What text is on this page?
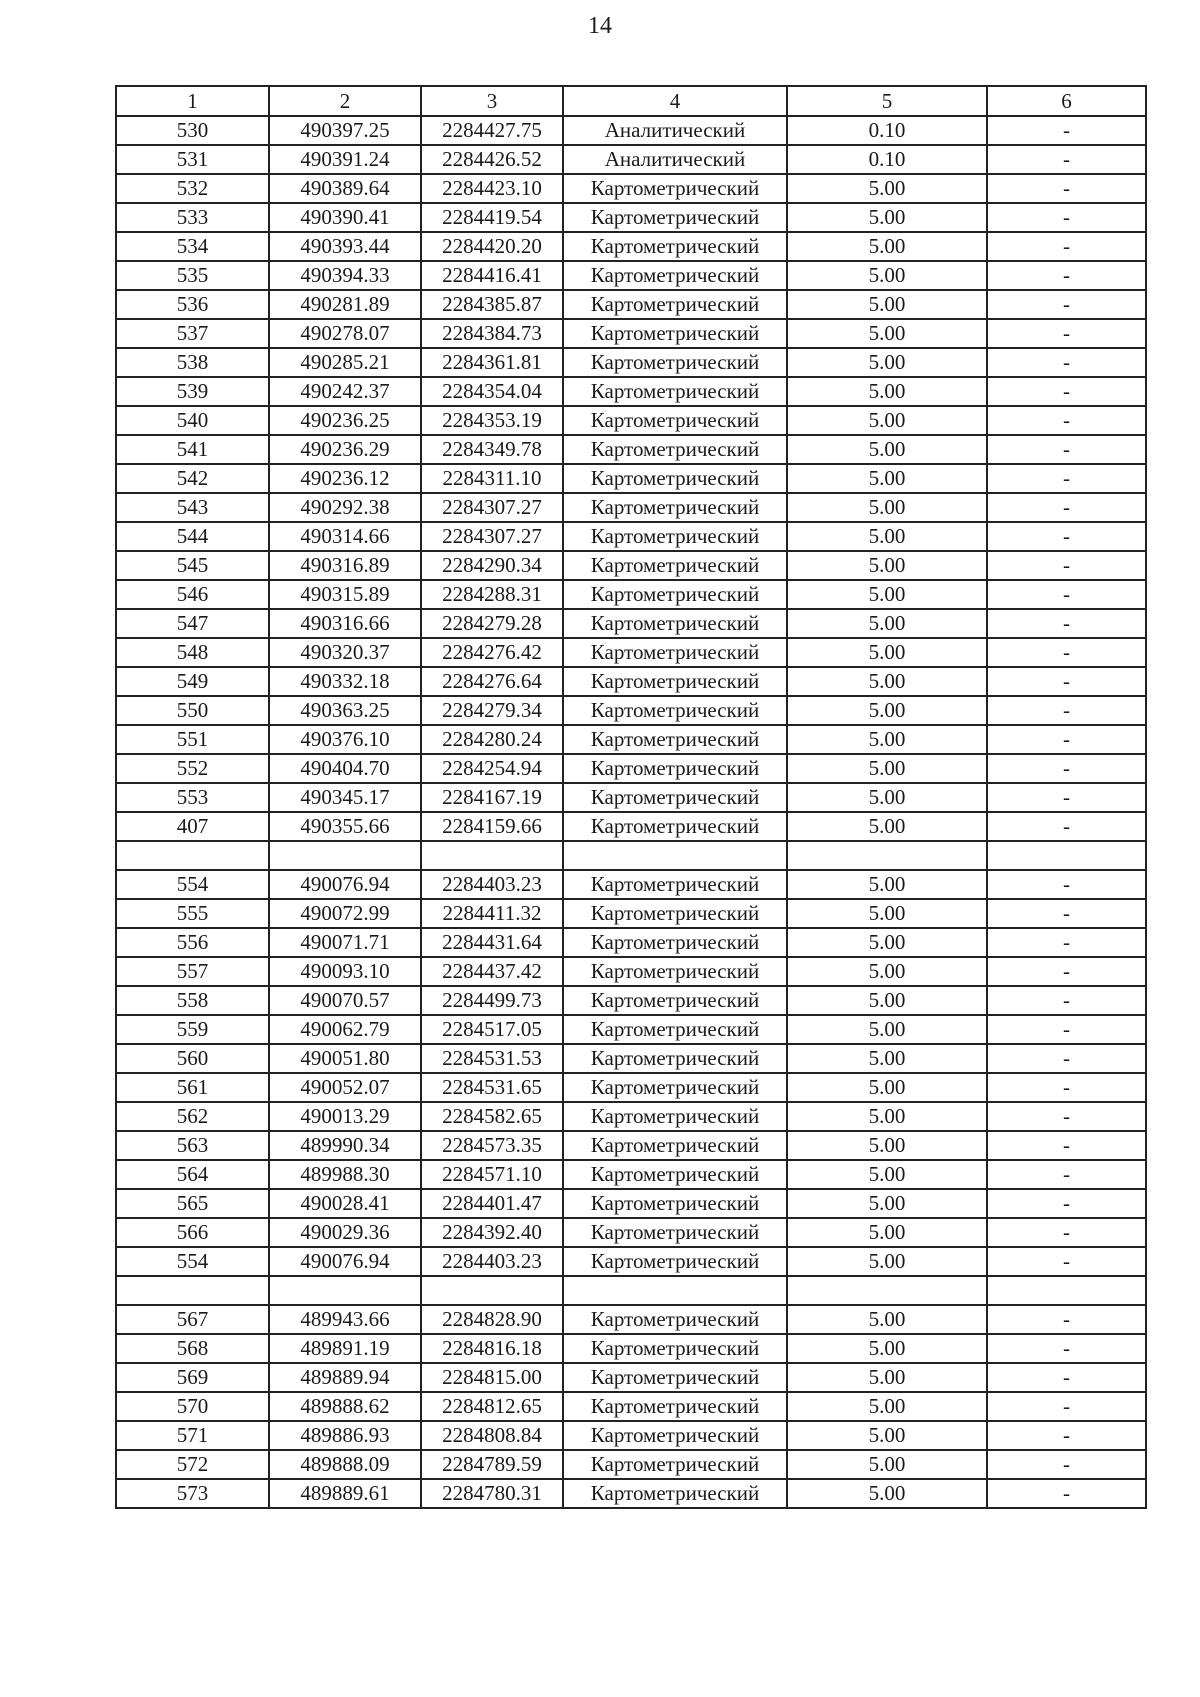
14
1	2	3	4	5	6
530	490397.25	2284427.75	Аналитический	0.10	-
531	490391.24	2284426.52	Аналитический	0.10	-
532	490389.64	2284423.10	Картометрический	5.00	-
533	490390.41	2284419.54	Картометрический	5.00	-
534	490393.44	2284420.20	Картометрический	5.00	-
535	490394.33	2284416.41	Картометрический	5.00	-
536	490281.89	2284385.87	Картометрический	5.00	-
537	490278.07	2284384.73	Картометрический	5.00	-
538	490285.21	2284361.81	Картометрический	5.00	-
539	490242.37	2284354.04	Картометрический	5.00	-
540	490236.25	2284353.19	Картометрический	5.00	-
541	490236.29	2284349.78	Картометрический	5.00	-
542	490236.12	2284311.10	Картометрический	5.00	-
543	490292.38	2284307.27	Картометрический	5.00	-
544	490314.66	2284307.27	Картометрический	5.00	-
545	490316.89	2284290.34	Картометрический	5.00	-
546	490315.89	2284288.31	Картометрический	5.00	-
547	490316.66	2284279.28	Картометрический	5.00	-
548	490320.37	2284276.42	Картометрический	5.00	-
549	490332.18	2284276.64	Картометрический	5.00	-
550	490363.25	2284279.34	Картометрический	5.00	-
551	490376.10	2284280.24	Картометрический	5.00	-
552	490404.70	2284254.94	Картометрический	5.00	-
553	490345.17	2284167.19	Картометрический	5.00	-
407	490355.66	2284159.66	Картометрический	5.00	-

554	490076.94	2284403.23	Картометрический	5.00	-
555	490072.99	2284411.32	Картометрический	5.00	-
556	490071.71	2284431.64	Картометрический	5.00	-
557	490093.10	2284437.42	Картометрический	5.00	-
558	490070.57	2284499.73	Картометрический	5.00	-
559	490062.79	2284517.05	Картометрический	5.00	-
560	490051.80	2284531.53	Картометрический	5.00	-
561	490052.07	2284531.65	Картометрический	5.00	-
562	490013.29	2284582.65	Картометрический	5.00	-
563	489990.34	2284573.35	Картометрический	5.00	-
564	489988.30	2284571.10	Картометрический	5.00	-
565	490028.41	2284401.47	Картометрический	5.00	-
566	490029.36	2284392.40	Картометрический	5.00	-
554	490076.94	2284403.23	Картометрический	5.00	-

567	489943.66	2284828.90	Картометрический	5.00	-
568	489891.19	2284816.18	Картометрический	5.00	-
569	489889.94	2284815.00	Картометрический	5.00	-
570	489888.62	2284812.65	Картометрический	5.00	-
571	489886.93	2284808.84	Картометрический	5.00	-
572	489888.09	2284789.59	Картометрический	5.00	-
573	489889.61	2284780.31	Картометрический	5.00	-
